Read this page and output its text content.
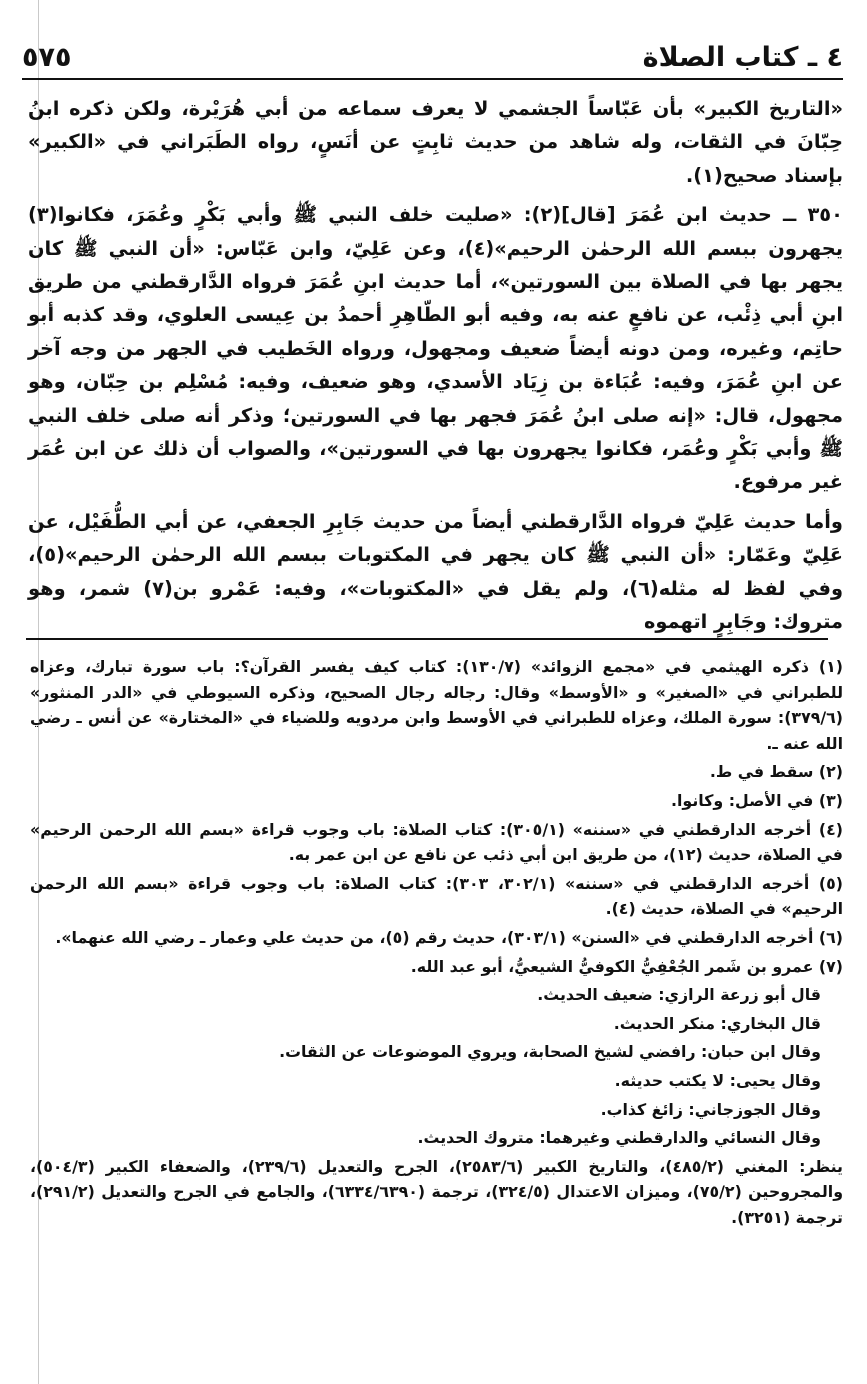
٤ ـ كتاب الصلاة
٥٧٥

«التاريخ الكبير» بأن عَبّاساً الجشمي لا يعرف سماعه من أبي هُرَيْرة، ولكن ذكره ابنُ حِبّانَ في الثقات، وله شاهد من حديث ثابِتٍ عن أنَسٍ، رواه الطَبَراني في «الكبير» بإسناد صحيح(١).

٣٥٠ ــ حديث ابن عُمَرَ [قال](٢): «صليت خلف النبي ﷺ وأبي بَكْرٍ وعُمَرَ، فكانوا(٣) يجهرون ببسم الله الرحمٰن الرحيم»(٤)، وعن عَلِيّ، وابن عَبّاس: «أن النبي ﷺ كان يجهر بها في الصلاة بين السورتين»، أما حديث ابنِ عُمَرَ فرواه الدَّارقطني من طريق ابنِ أبي ذِئْب، عن نافعٍ عنه به، وفيه أبو الطّاهِرِ أحمدُ بن عِيسى العلوي، وقد كذبه أبو حاتِم، وغيره، ومن دونه أيضاً ضعيف ومجهول، ورواه الخَطيب في الجهر من وجه آخر عن ابنِ عُمَرَ، وفيه: عُبَاءة بن زِيَاد الأسدي، وهو ضعيف، وفيه: مُسْلِم بن حِبّان، وهو مجهول، قال: «إنه صلى ابنُ عُمَرَ فجهر بها في السورتين؛ وذكر أنه صلى خلف النبي ﷺ وأبي بَكْرٍ وعُمَر، فكانوا يجهرون بها في السورتين»، والصواب أن ذلك عن ابن عُمَر غير مرفوع.

وأما حديث عَلِيّ فرواه الدَّارقطني أيضاً من حديث جَابِرِ الجعفي، عن أبي الطُّفَيْل، عن عَلِيّ وعَمّار: «أن النبي ﷺ كان يجهر في المكتوبات ببسم الله الرحمٰن الرحيم»(٥)، وفي لفظ له مثله(٦)، ولم يقل في «المكتوبات»، وفيه: عَمْرو بن(٧) شمر، وهو متروك: وجَابِرٍ اتهموه

(١) ذكره الهيثمي في «مجمع الزوائد» (١٣٠/٧): كتاب كيف يفسر القرآن؟: باب سورة تبارك، وعزاه للطبراني في «الصغير» و «الأوسط» وقال: رجاله رجال الصحيح، وذكره السيوطي في «الدر المنثور» (٣٧٩/٦): سورة الملك، وعزاه للطبراني في الأوسط وابن مردويه وللضياء في «المختارة» عن أنس ـ رضي الله عنه ـ.

(٢) سقط في ط.

(٣) في الأصل: وكانوا.

(٤) أخرجه الدارقطني في «سننه» (٣٠٥/١): كتاب الصلاة: باب وجوب قراءة «بسم الله الرحمن الرحيم» في الصلاة، حديث (١٢)، من طريق ابن أبي ذئب عن نافع عن ابن عمر به.

(٥) أخرجه الدارقطني في «سننه» (٣٠٢/١، ٣٠٣): كتاب الصلاة: باب وجوب قراءة «بسم الله الرحمن الرحيم» في الصلاة، حديث (٤).

(٦) أخرجه الدارقطني في «السنن» (٣٠٣/١)، حديث رقم (٥)، من حديث علي وعمار ـ رضي الله عنهما».

(٧) عمرو بن شَمر الجُعْفِيُّ الكوفيُّ الشيعيُّ، أبو عبد الله.

قال أبو زرعة الرازي: ضعيف الحديث.

قال البخاري: منكر الحديث.

وقال ابن حبان: رافضي لشيخ الصحابة، ويروي الموضوعات عن الثقات.

وقال يحيى: لا يكتب حديثه.

وقال الجوزجاني: زائغ كذاب.

وقال النسائي والدارقطني وغيرهما: متروك الحديث.

ينظر: المغني (٤٨٥/٢)، والتاريخ الكبير (٢٥٨٣/٦)، الجرح والتعديل (٢٣٩/٦)، والضعفاء الكبير (٥٠٤/٣)، والمجروحين (٧٥/٢)، وميزان الاعتدال (٣٢٤/٥)، ترجمة (٦٣٣٤/٦٣٩٠)، والجامع في الجرح والتعديل (٢٩١/٢)، ترجمة (٣٢٥١).
